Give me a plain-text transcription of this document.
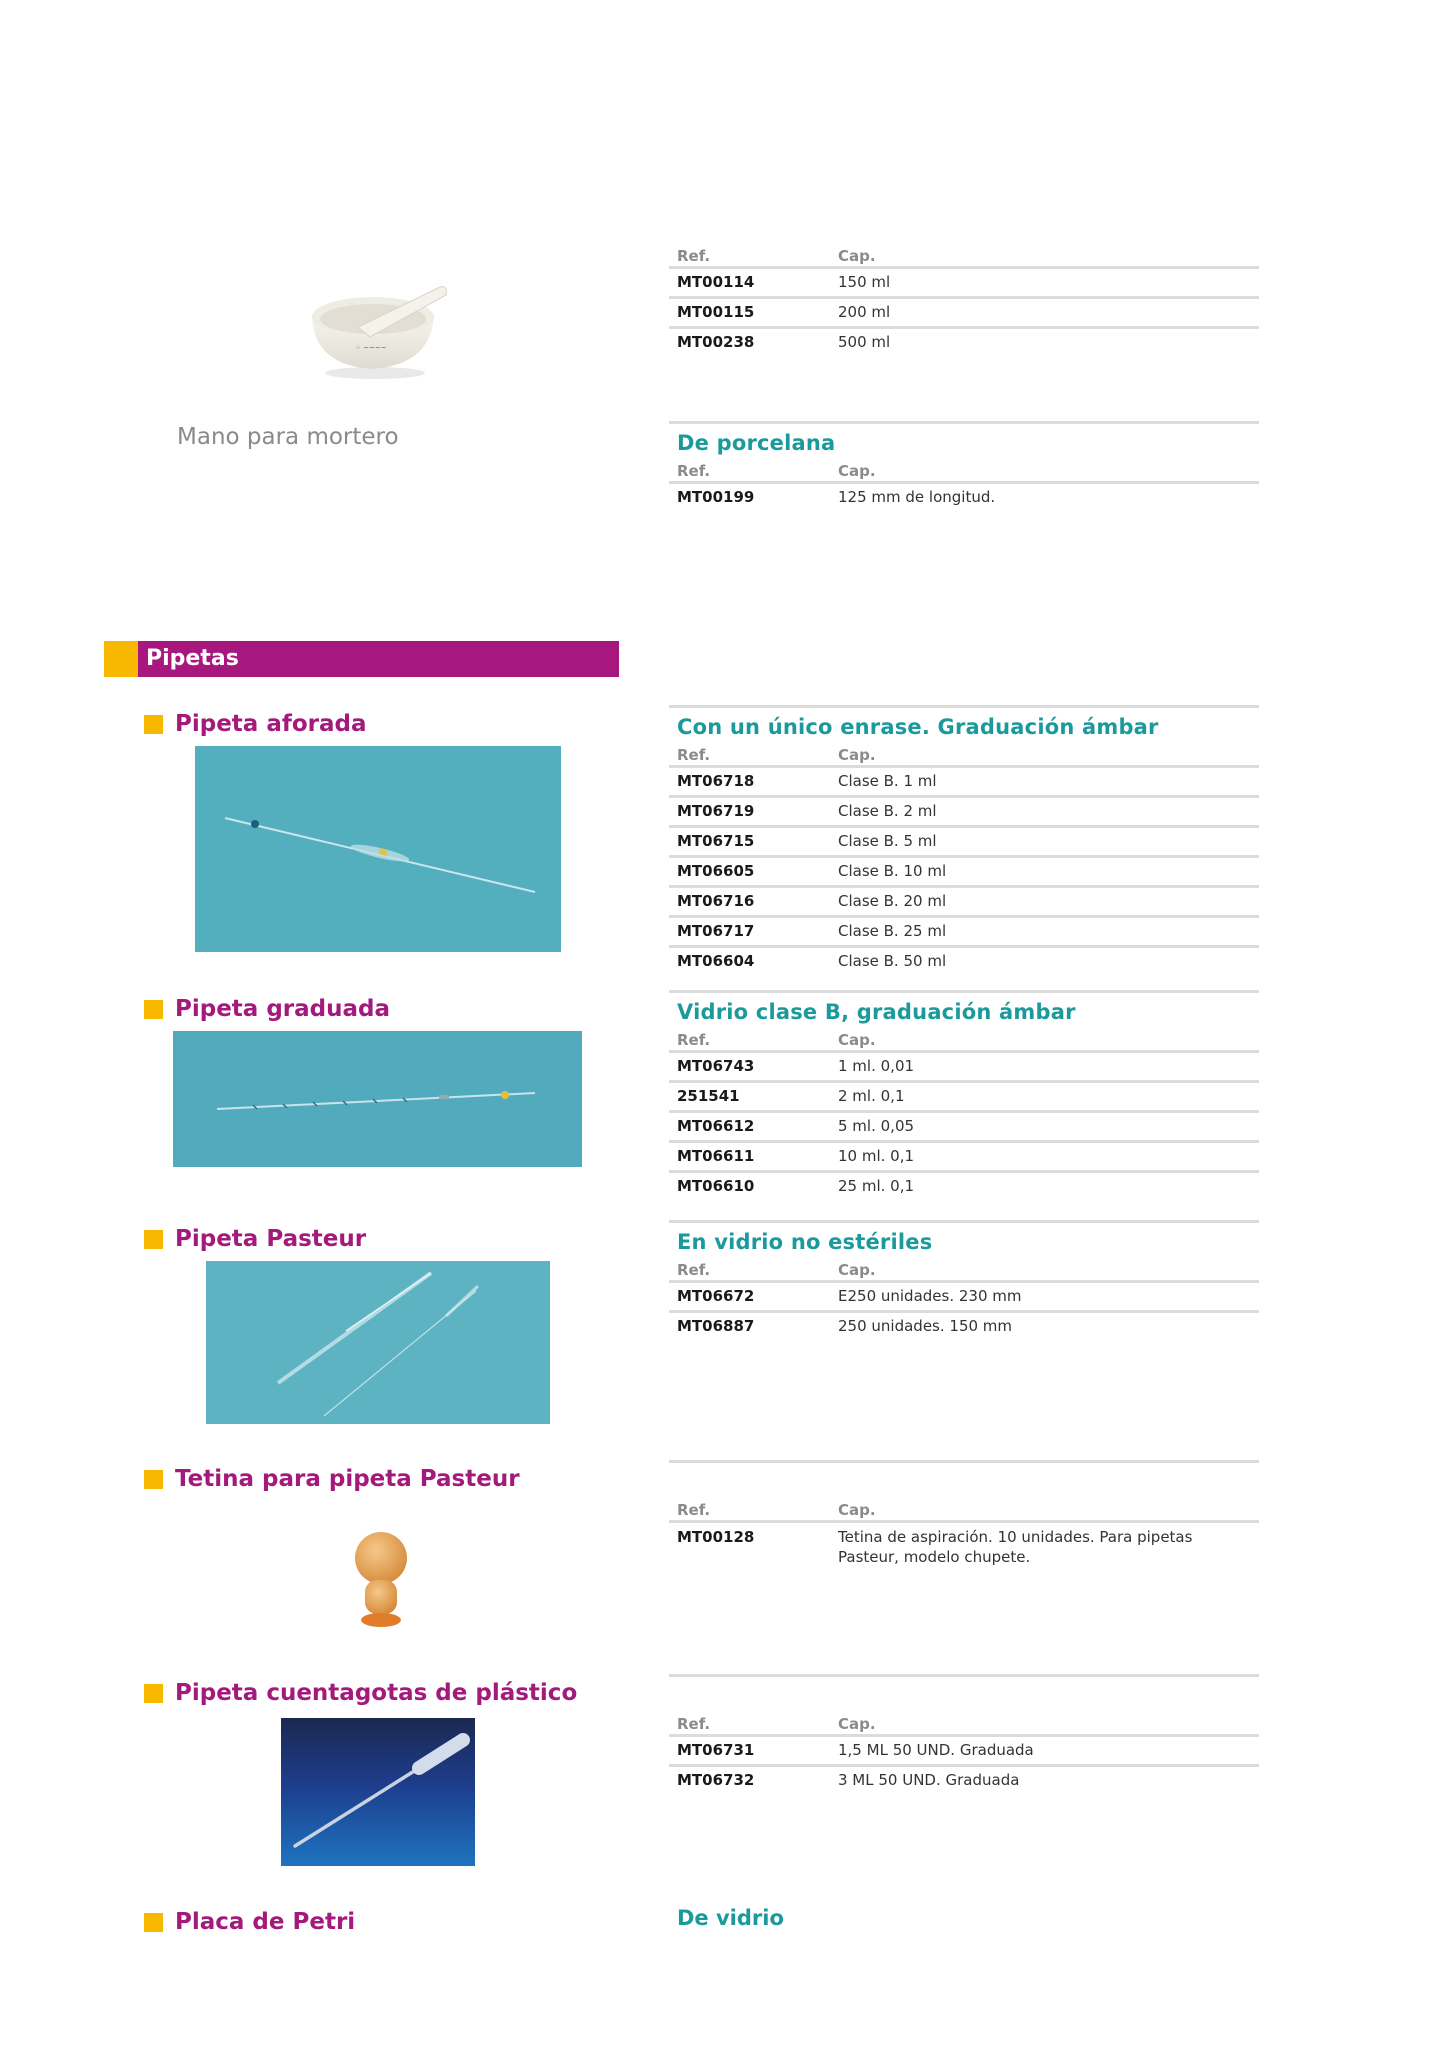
⁘ ~~~~
Ref.	Cap.
MT00114	150 ml
MT00115	200 ml
MT00238	500 ml
Mano para mortero	De porcelana
Ref.	Cap.
MT00199	125 mm de longitud.
Pipetas
Pipeta aforada	Con un único enrase. Graduación ámbar
Ref.	Cap.
MT06718	Clase B. 1 ml
MT06719	Clase B. 2 ml
MT06715	Clase B. 5 ml
MT06605	Clase B. 10 ml
MT06716	Clase B. 20 ml
MT06717	Clase B. 25 ml
MT06604	Clase B. 50 ml
Pipeta graduada	Vidrio clase B, graduación ámbar
Ref.	Cap.
MT06743	1 ml. 0,01
251541	2 ml. 0,1
MT06612	5 ml. 0,05
MT06611	10 ml. 0,1
MT06610	25 ml. 0,1
Pipeta Pasteur	En vidrio no estériles
Ref.	Cap.
MT06672	E250 unidades. 230 mm
MT06887	250 unidades. 150 mm
Tetina para pipeta Pasteur
Ref.	Cap.
MT00128	Tetina de aspiración. 10 unidades. Para pipetas Pasteur, modelo chupete.
Pipeta cuentagotas de plástico
Ref.	Cap.
MT06731	1,5 ML 50 UND. Graduada
MT06732	3 ML 50 UND. Graduada
Placa de Petri	De vidrio
